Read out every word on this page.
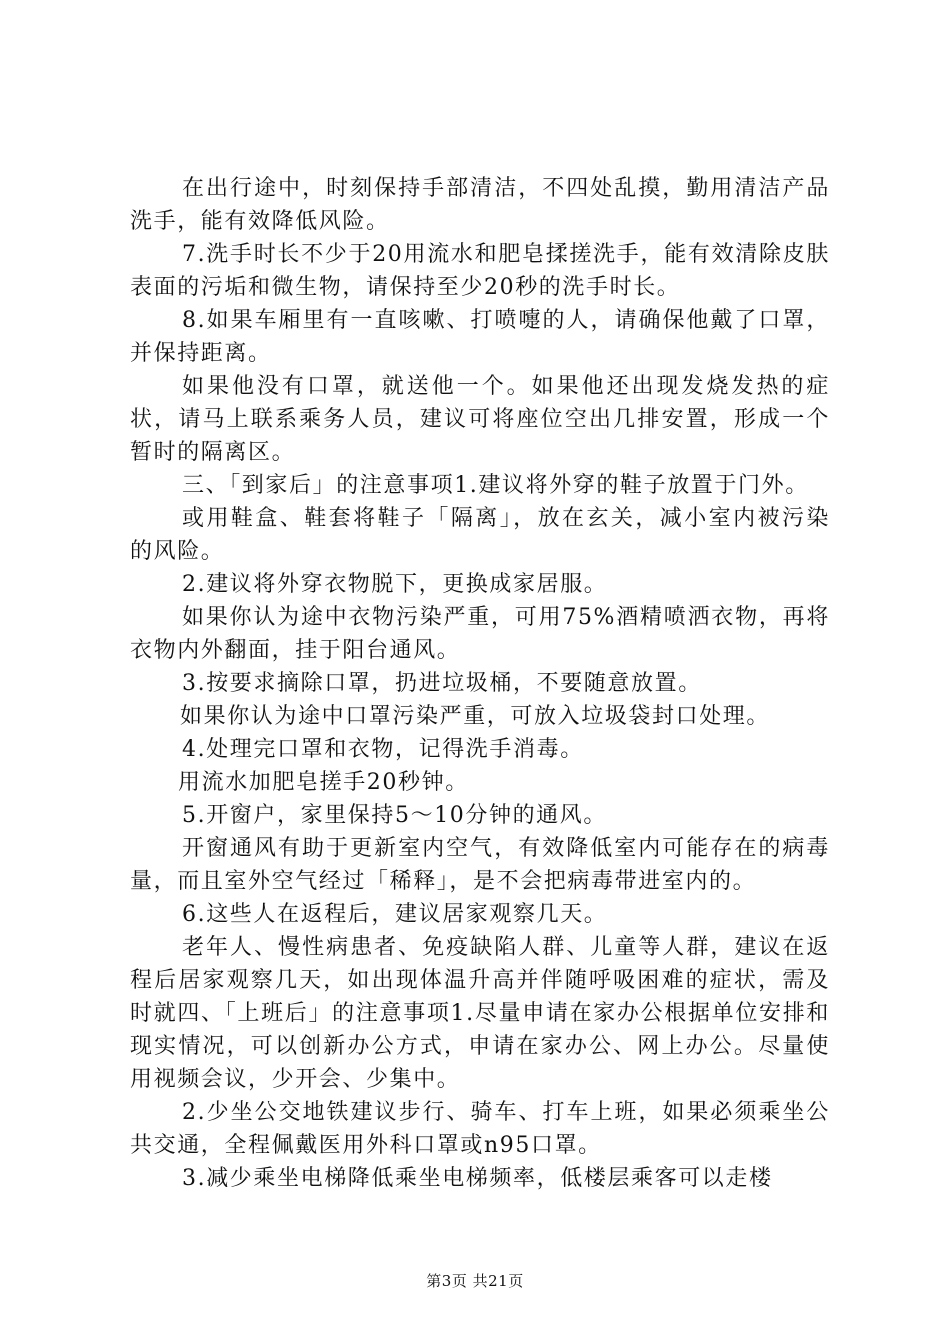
在出行途中，时刻保持手部清洁，不四处乱摸，勤用清洁产品洗手，能有效降低风险。

7.洗手时长不少于20用流水和肥皂揉搓洗手，能有效清除皮肤表面的污垢和微生物，请保持至少20秒的洗手时长。

8.如果车厢里有一直咳嗽、打喷嚏的人，请确保他戴了口罩，并保持距离。

如果他没有口罩，就送他一个。如果他还出现发烧发热的症状，请马上联系乘务人员，建议可将座位空出几排安置，形成一个暂时的隔离区。

三、「到家后」的注意事项1.建议将外穿的鞋子放置于门外。

或用鞋盒、鞋套将鞋子「隔离」，放在玄关，减小室内被污染的风险。

2.建议将外穿衣物脱下，更换成家居服。

如果你认为途中衣物污染严重，可用75%酒精喷洒衣物，再将衣物内外翻面，挂于阳台通风。

3.按要求摘除口罩，扔进垃圾桶，不要随意放置。

如果你认为途中口罩污染严重，可放入垃圾袋封口处理。

4.处理完口罩和衣物，记得洗手消毒。

用流水加肥皂搓手20秒钟。

5.开窗户，家里保持5～10分钟的通风。

开窗通风有助于更新室内空气，有效降低室内可能存在的病毒量，而且室外空气经过「稀释」，是不会把病毒带进室内的。

6.这些人在返程后，建议居家观察几天。

老年人、慢性病患者、免疫缺陷人群、儿童等人群，建议在返程后居家观察几天，如出现体温升高并伴随呼吸困难的症状，需及时就四、「上班后」的注意事项1.尽量申请在家办公根据单位安排和现实情况，可以创新办公方式，申请在家办公、网上办公。尽量使用视频会议，少开会、少集中。

2.少坐公交地铁建议步行、骑车、打车上班，如果必须乘坐公共交通，全程佩戴医用外科口罩或n95口罩。

3.减少乘坐电梯降低乘坐电梯频率，低楼层乘客可以走楼

第3页 共21页
